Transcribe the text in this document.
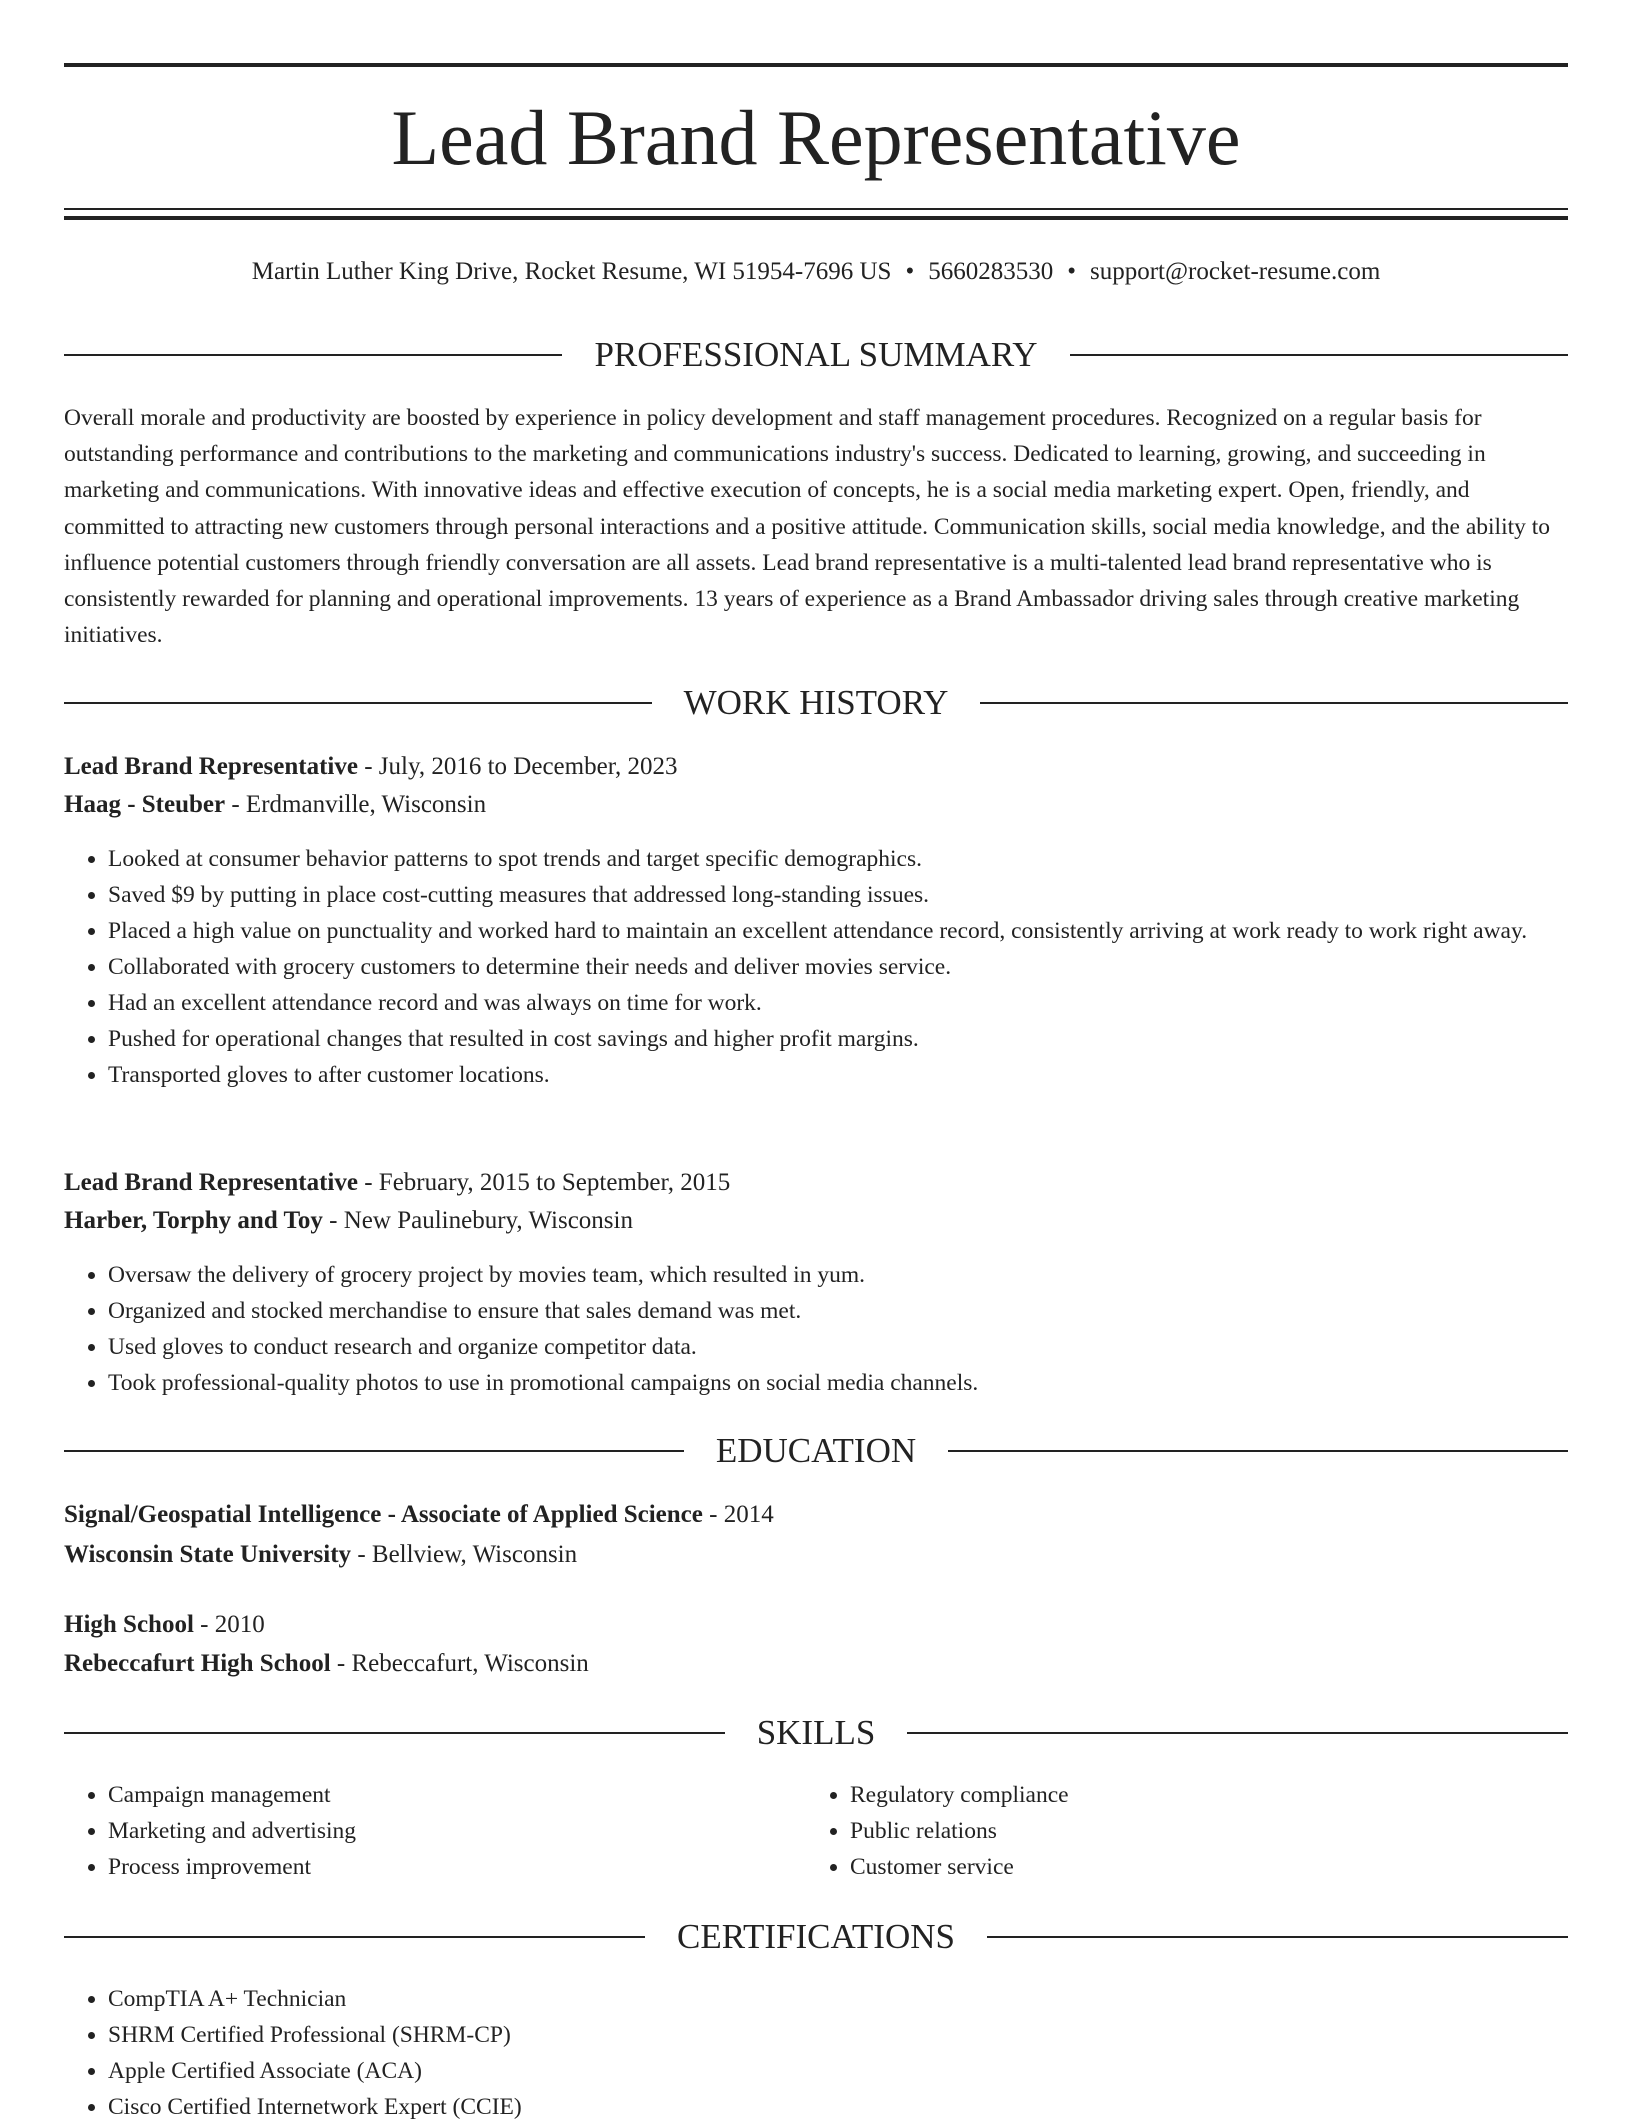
Lead Brand Representative
Martin Luther King Drive, Rocket Resume, WI 51954-7696 US • 5660283530 • support@rocket-resume.com
PROFESSIONAL SUMMARY

Overall morale and productivity are boosted by experience in policy development and staff management procedures. Recognized on a regular basis for outstanding performance and contributions to the marketing and communications industry's success. Dedicated to learning, growing, and succeeding in marketing and communications. With innovative ideas and effective execution of concepts, he is a social media marketing expert. Open, friendly, and committed to attracting new customers through personal interactions and a positive attitude. Communication skills, social media knowledge, and the ability to influence potential customers through friendly conversation are all assets. Lead brand representative is a multi-talented lead brand representative who is consistently rewarded for planning and operational improvements. 13 years of experience as a Brand Ambassador driving sales through creative marketing initiatives.

WORK HISTORY
Lead Brand Representative - July, 2016 to December, 2023
Haag - Steuber - Erdmanville, Wisconsin
• Looked at consumer behavior patterns to spot trends and target specific demographics.
• Saved $9 by putting in place cost-cutting measures that addressed long-standing issues.
• Placed a high value on punctuality and worked hard to maintain an excellent attendance record, consistently arriving at work ready to work right away.
• Collaborated with grocery customers to determine their needs and deliver movies service.
• Had an excellent attendance record and was always on time for work.
• Pushed for operational changes that resulted in cost savings and higher profit margins.
• Transported gloves to after customer locations.
Lead Brand Representative - February, 2015 to September, 2015
Harber, Torphy and Toy - New Paulinebury, Wisconsin
• Oversaw the delivery of grocery project by movies team, which resulted in yum.
• Organized and stocked merchandise to ensure that sales demand was met.
• Used gloves to conduct research and organize competitor data.
• Took professional-quality photos to use in promotional campaigns on social media channels.
EDUCATION
Signal/Geospatial Intelligence - Associate of Applied Science - 2014
Wisconsin State University - Bellview, Wisconsin
High School - 2010
Rebeccafurt High School - Rebeccafurt, Wisconsin
SKILLS
• Campaign management
• Marketing and advertising
• Process improvement
• Regulatory compliance
• Public relations
• Customer service
CERTIFICATIONS
• CompTIA A+ Technician
• SHRM Certified Professional (SHRM-CP)
• Apple Certified Associate (ACA)
• Cisco Certified Internetwork Expert (CCIE)
